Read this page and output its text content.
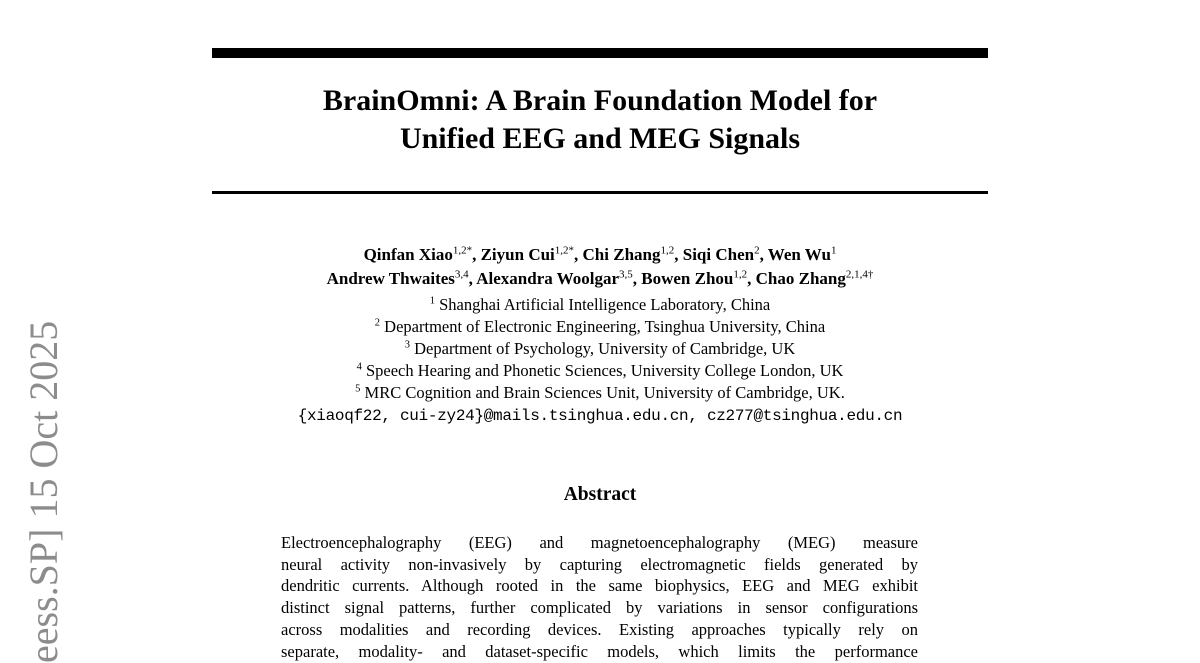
eess.SP] 15 Oct 2025
BrainOmni: A Brain Foundation Model for
Unified EEG and MEG Signals
Qinfan Xiao$^{1,2*}$, Ziyun Cui$^{1,2*}$, Chi Zhang$^{1,2}$, Siqi Chen$^2$, Wen Wu$^1$
Andrew Thwaites$^{3,4}$, Alexandra Woolgar$^{3,5}$, Bowen Zhou$^{1,2}$, Chao Zhang$^{2,1,4\dagger}$
$^1$ Shanghai Artificial Intelligence Laboratory, China
$^2$ Department of Electronic Engineering, Tsinghua University, China
$^3$ Department of Psychology, University of Cambridge, UK
$^4$ Speech Hearing and Phonetic Sciences, University College London, UK
$^5$ MRC Cognition and Brain Sciences Unit, University of Cambridge, UK.
{xiaoqf22, cui-zy24}@mails.tsinghua.edu.cn, cz277@tsinghua.edu.cn
Abstract
Electroencephalography (EEG) and magnetoencephalography (MEG) measure
neural activity non-invasively by capturing electromagnetic fields generated by
dendritic currents. Although rooted in the same biophysics, EEG and MEG exhibit
distinct signal patterns, further complicated by variations in sensor configurations
across modalities and recording devices. Existing approaches typically rely on
separate, modality- and dataset-specific models, which limits the performance
